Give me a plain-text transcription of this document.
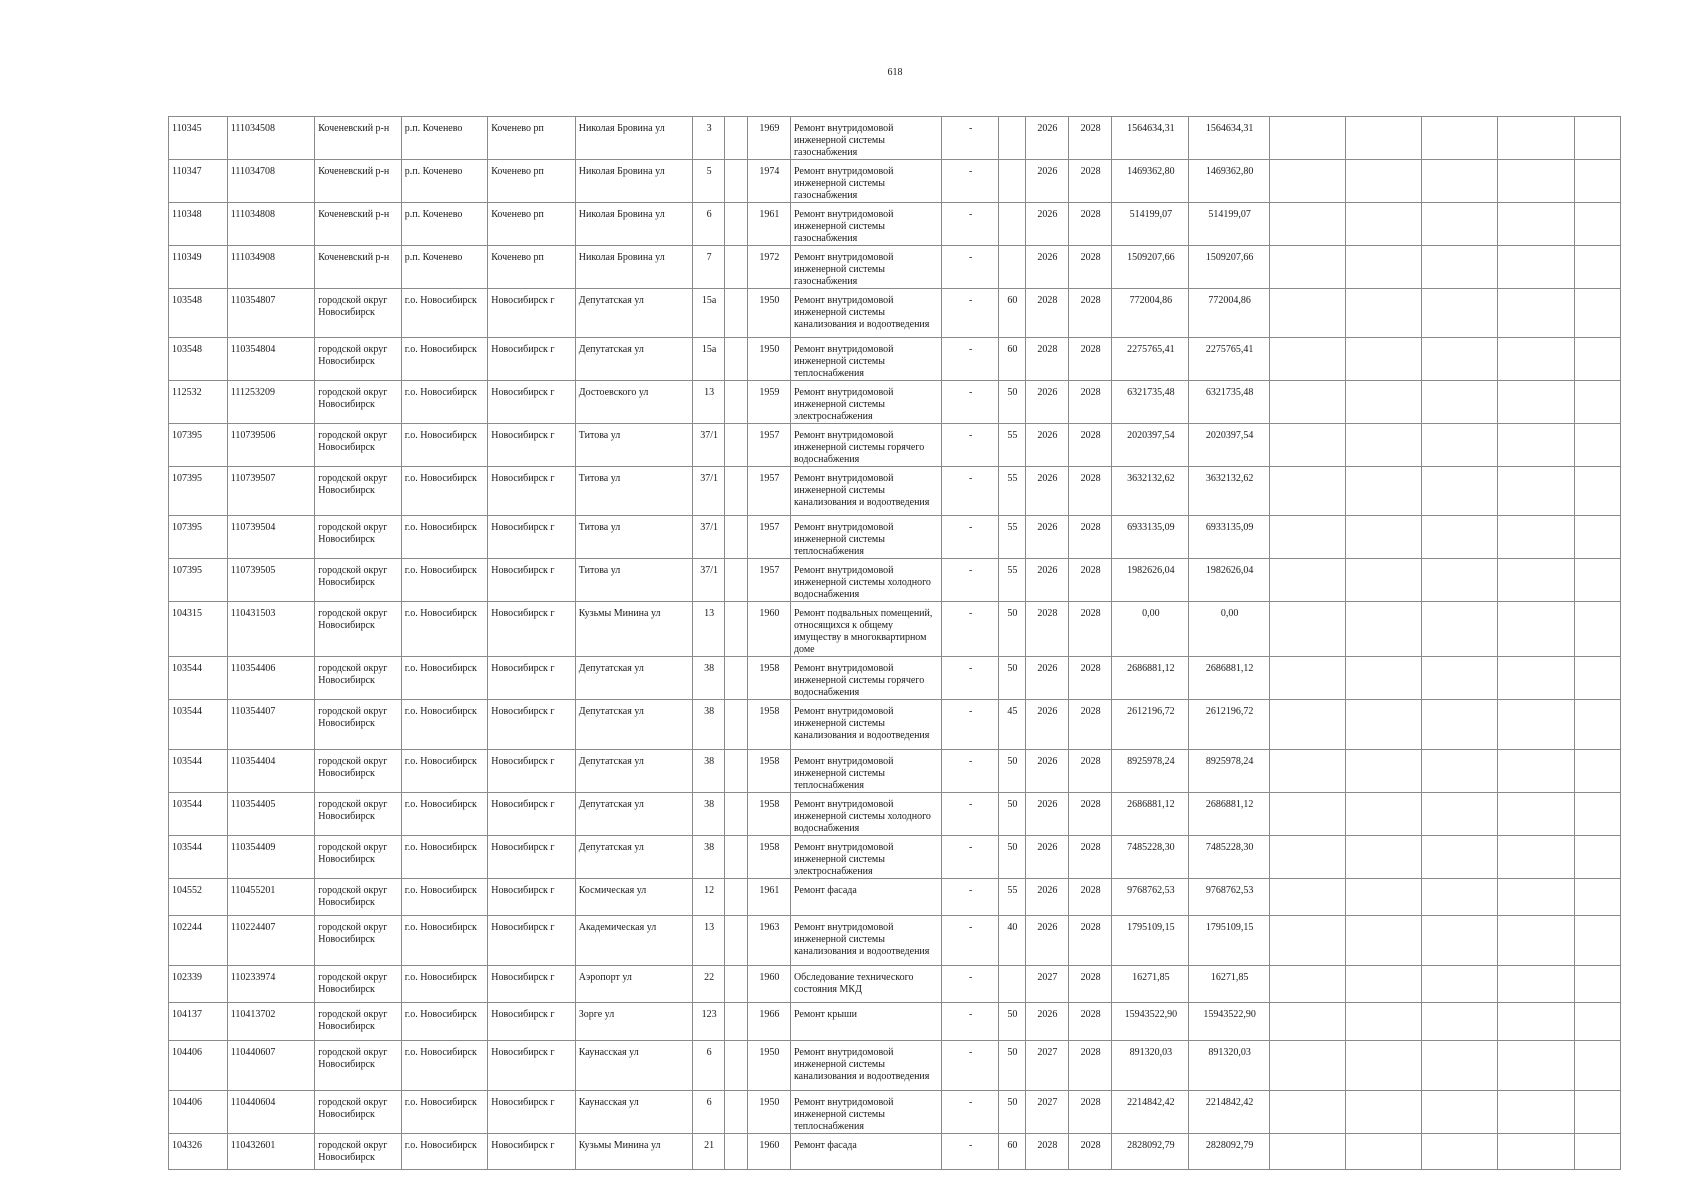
618
110345	111034508	Коченевский р-н	р.п. Коченево	Коченево рп	Николая Бровина ул	3		1969	Ремонт внутридомовой инженерной системы газоснабжения	-		2026	2028	1564634,31	1564634,31					
110347	111034708	Коченевский р-н	р.п. Коченево	Коченево рп	Николая Бровина ул	5		1974	Ремонт внутридомовой инженерной системы газоснабжения	-		2026	2028	1469362,80	1469362,80					
110348	111034808	Коченевский р-н	р.п. Коченево	Коченево рп	Николая Бровина ул	6		1961	Ремонт внутридомовой инженерной системы газоснабжения	-		2026	2028	514199,07	514199,07					
110349	111034908	Коченевский р-н	р.п. Коченево	Коченево рп	Николая Бровина ул	7		1972	Ремонт внутридомовой инженерной системы газоснабжения	-		2026	2028	1509207,66	1509207,66					
103548	110354807	городской округ Новосибирск	г.о. Новосибирск	Новосибирск г	Депутатская ул	15а		1950	Ремонт внутридомовой инженерной системы канализования и водоотведения	-	60	2028	2028	772004,86	772004,86					
103548	110354804	городской округ Новосибирск	г.о. Новосибирск	Новосибирск г	Депутатская ул	15а		1950	Ремонт внутридомовой инженерной системы теплоснабжения	-	60	2028	2028	2275765,41	2275765,41					
112532	111253209	городской округ Новосибирск	г.о. Новосибирск	Новосибирск г	Достоевского ул	13		1959	Ремонт внутридомовой инженерной системы электроснабжения	-	50	2026	2028	6321735,48	6321735,48					
107395	110739506	городской округ Новосибирск	г.о. Новосибирск	Новосибирск г	Титова ул	37/1		1957	Ремонт внутридомовой инженерной системы горячего водоснабжения	-	55	2026	2028	2020397,54	2020397,54					
107395	110739507	городской округ Новосибирск	г.о. Новосибирск	Новосибирск г	Титова ул	37/1		1957	Ремонт внутридомовой инженерной системы канализования и водоотведения	-	55	2026	2028	3632132,62	3632132,62					
107395	110739504	городской округ Новосибирск	г.о. Новосибирск	Новосибирск г	Титова ул	37/1		1957	Ремонт внутридомовой инженерной системы теплоснабжения	-	55	2026	2028	6933135,09	6933135,09					
107395	110739505	городской округ Новосибирск	г.о. Новосибирск	Новосибирск г	Титова ул	37/1		1957	Ремонт внутридомовой инженерной системы холодного водоснабжения	-	55	2026	2028	1982626,04	1982626,04					
104315	110431503	городской округ Новосибирск	г.о. Новосибирск	Новосибирск г	Кузьмы Минина ул	13		1960	Ремонт подвальных помещений, относящихся к общему имуществу в многоквартирном доме	-	50	2028	2028	0,00	0,00					
103544	110354406	городской округ Новосибирск	г.о. Новосибирск	Новосибирск г	Депутатская ул	38		1958	Ремонт внутридомовой инженерной системы горячего водоснабжения	-	50	2026	2028	2686881,12	2686881,12					
103544	110354407	городской округ Новосибирск	г.о. Новосибирск	Новосибирск г	Депутатская ул	38		1958	Ремонт внутридомовой инженерной системы канализования и водоотведения	-	45	2026	2028	2612196,72	2612196,72					
103544	110354404	городской округ Новосибирск	г.о. Новосибирск	Новосибирск г	Депутатская ул	38		1958	Ремонт внутридомовой инженерной системы теплоснабжения	-	50	2026	2028	8925978,24	8925978,24					
103544	110354405	городской округ Новосибирск	г.о. Новосибирск	Новосибирск г	Депутатская ул	38		1958	Ремонт внутридомовой инженерной системы холодного водоснабжения	-	50	2026	2028	2686881,12	2686881,12					
103544	110354409	городской округ Новосибирск	г.о. Новосибирск	Новосибирск г	Депутатская ул	38		1958	Ремонт внутридомовой инженерной системы электроснабжения	-	50	2026	2028	7485228,30	7485228,30					
104552	110455201	городской округ Новосибирск	г.о. Новосибирск	Новосибирск г	Космическая ул	12		1961	Ремонт фасада	-	55	2026	2028	9768762,53	9768762,53					
102244	110224407	городской округ Новосибирск	г.о. Новосибирск	Новосибирск г	Академическая ул	13		1963	Ремонт внутридомовой инженерной системы канализования и водоотведения	-	40	2026	2028	1795109,15	1795109,15					
102339	110233974	городской округ Новосибирск	г.о. Новосибирск	Новосибирск г	Аэропорт ул	22		1960	Обследование технического состояния МКД	-		2027	2028	16271,85	16271,85					
104137	110413702	городской округ Новосибирск	г.о. Новосибирск	Новосибирск г	Зорге ул	123		1966	Ремонт крыши	-	50	2026	2028	15943522,90	15943522,90					
104406	110440607	городской округ Новосибирск	г.о. Новосибирск	Новосибирск г	Каунасская ул	6		1950	Ремонт внутридомовой инженерной системы канализования и водоотведения	-	50	2027	2028	891320,03	891320,03					
104406	110440604	городской округ Новосибирск	г.о. Новосибирск	Новосибирск г	Каунасская ул	6		1950	Ремонт внутридомовой инженерной системы теплоснабжения	-	50	2027	2028	2214842,42	2214842,42					
104326	110432601	городской округ Новосибирск	г.о. Новосибирск	Новосибирск г	Кузьмы Минина ул	21		1960	Ремонт фасада	-	60	2028	2028	2828092,79	2828092,79					
